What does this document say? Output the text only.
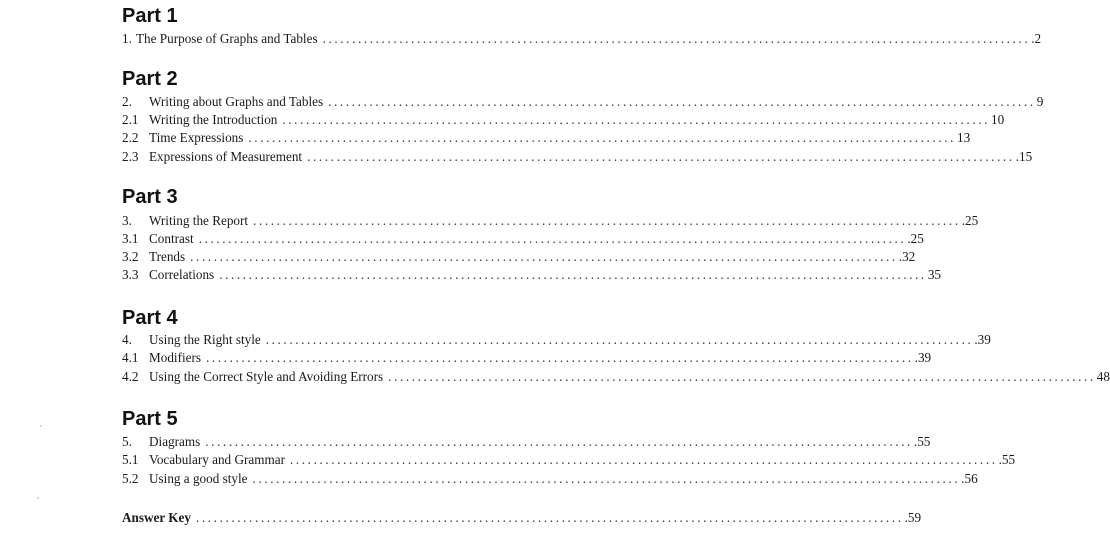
Part 1
1. The Purpose of Graphs and Tables ........................................................................................................................ .2
Part 2
2.	Writing about Graphs and Tables ........................................................................................................................ 9
2.1 Writing the Introduction ........................................................................................................................ 10
2.2 Time Expressions ........................................................................................................................ 13
2.3 Expressions of Measurement ........................................................................................................................ .15
Part 3
3.	Writing the Report ........................................................................................................................ .25
3.1 Contrast ........................................................................................................................ .25
3.2 Trends ........................................................................................................................ .32
3.3 Correlations ........................................................................................................................ 35
Part 4
4.	Using the Right style ........................................................................................................................ .39
4.1 Modifiers ........................................................................................................................ .39
4.2 Using the Correct Style and Avoiding Errors ........................................................................................................................ 48
Part 5
5.	Diagrams ........................................................................................................................ .55
5.1 Vocabulary and Grammar ........................................................................................................................ .55
5.2 Using a good style ........................................................................................................................ .56
Answer Key ........................................................................................................................ .59
